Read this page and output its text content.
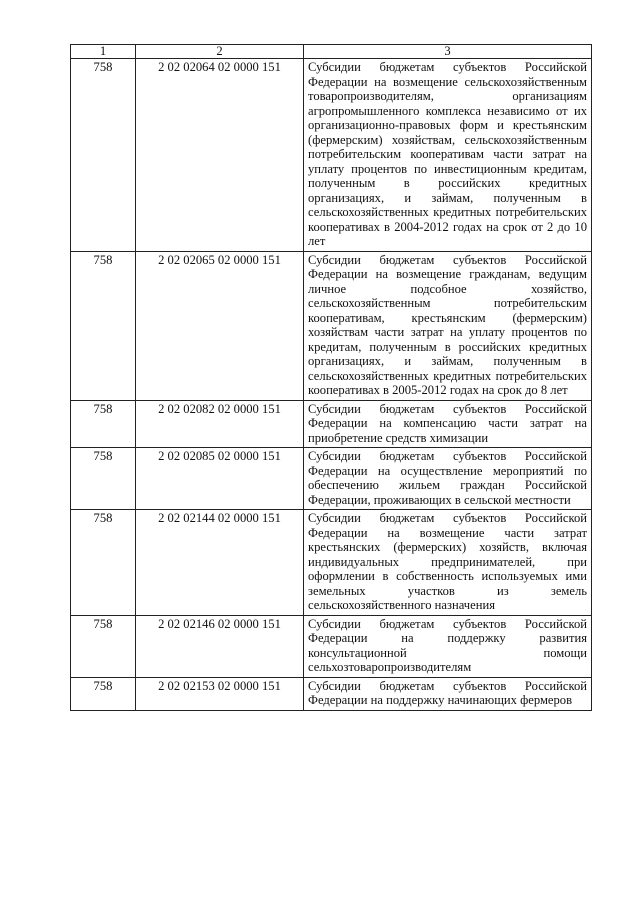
1	2	3
758	2 02 02064 02 0000 151	Субсидии бюджетам субъектов Российской Федерации на возмещение сельскохозяйственным товаропроизводителям, организациям агропромышленного комплекса независимо от их организационно-правовых форм и крестьянским (фермерским) хозяйствам, сельскохозяйственным потребительским кооперативам части затрат на уплату процентов по инвестиционным кредитам, полученным в российских кредитных организациях, и займам, полученным в сельскохозяйственных кредитных потребительских кооперативах в 2004-2012 годах на срок от 2 до 10 лет
758	2 02 02065 02 0000 151	Субсидии бюджетам субъектов Российской Федерации на возмещение гражданам, ведущим личное подсобное хозяйство, сельскохозяйственным потребительским кооперативам, крестьянским (фермерским) хозяйствам части затрат на уплату процентов по кредитам, полученным в российских кредитных организациях, и займам, полученным в сельскохозяйственных кредитных потребительских кооперативах в 2005-2012 годах на срок до 8 лет
758	2 02 02082 02 0000 151	Субсидии бюджетам субъектов Российской Федерации на компенсацию части затрат на приобретение средств химизации
758	2 02 02085 02 0000 151	Субсидии бюджетам субъектов Российской Федерации на осуществление мероприятий по обеспечению жильем граждан Российской Федерации, проживающих в сельской местности
758	2 02 02144 02 0000 151	Субсидии бюджетам субъектов Российской Федерации на возмещение части затрат крестьянских (фермерских) хозяйств, включая индивидуальных предпринимателей, при оформлении в собственность используемых ими земельных участков из земель сельскохозяйственного назначения
758	2 02 02146 02 0000 151	Субсидии бюджетам субъектов Российской Федерации на поддержку развития консультационной помощи сельхозтоваропроизводителям
758	2 02 02153 02 0000 151	Субсидии бюджетам субъектов Российской Федерации на поддержку начинающих фермеров
